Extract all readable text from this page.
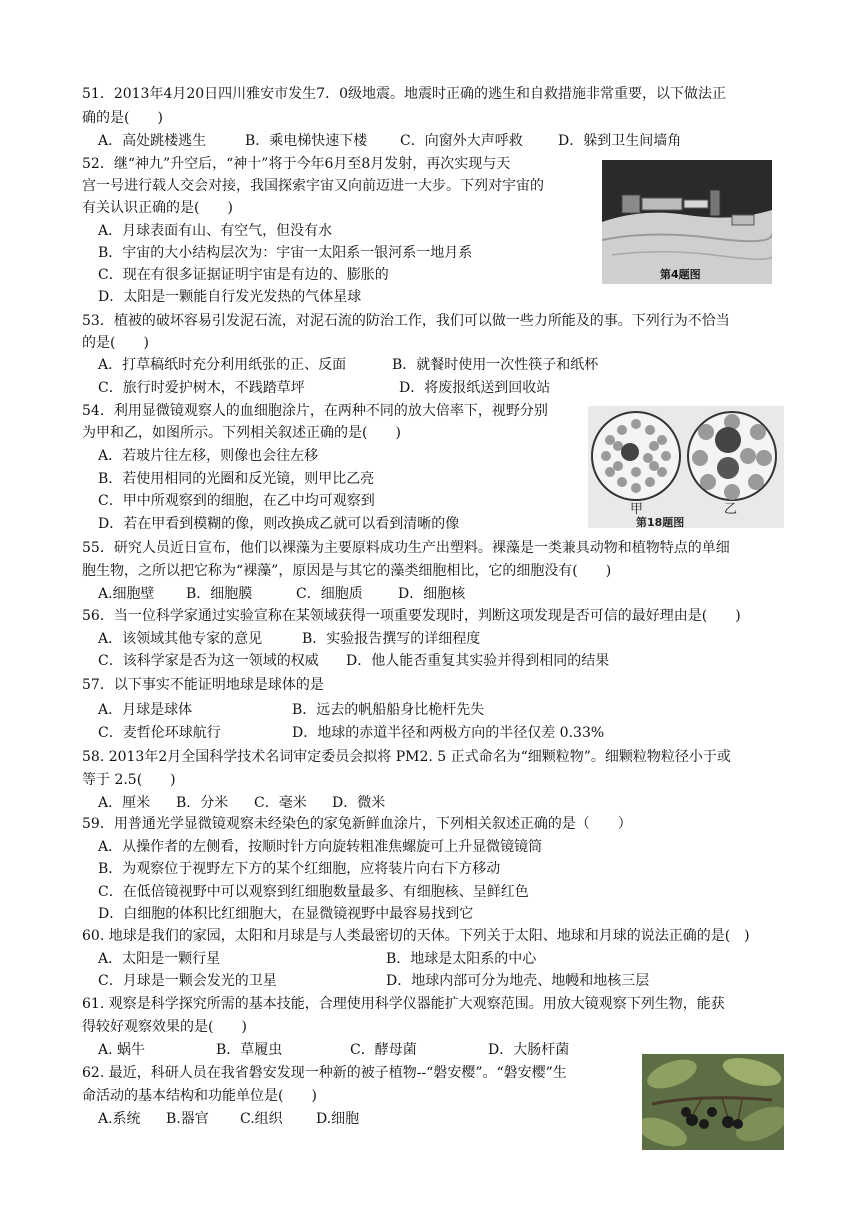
51．2013年4月20日四川雅安市发生7．0级地震。地震时正确的逃生和自救措施非常重要，以下做法正
确的是(　　)
A．高处跳楼逃生	B．乘电梯快速下楼 C．向窗外大声呼救	D．躲到卫生间墙角
52．继“神九”升空后，“神十”将于今年6月至8月发射，再次实现与天
宫一号进行载人交会对接，我国探索宇宙又向前迈进一大步。下列对宇宙的
有关认识正确的是(　　)
A．月球表面有山、有空气，但没有水
B．宇宙的大小结构层次为：宇宙一太阳系一银河系一地月系
C．现在有很多证据证明宇宙是有边的、膨胀的
D．太阳是一颗能自行发光发热的气体星球
第4题图
53．植被的破坏容易引发泥石流，对泥石流的防治工作，我们可以做一些力所能及的事。下列行为不恰当
的是(　　)
A．打草稿纸时充分利用纸张的正、反面	B．就餐时使用一次性筷子和纸杯
C．旅行时爱护树木，不践踏草坪	D．将废报纸送到回收站
54．利用显微镜观察人的血细胞涂片，在两种不同的放大倍率下，视野分别
为甲和乙，如图所示。下列相关叙述正确的是(　　)
A．若玻片往左移，则像也会往左移
B．若使用相同的光圈和反光镜，则甲比乙亮
C．甲中所观察到的细胞，在乙中均可观察到
D．若在甲看到模糊的像，则改换成乙就可以看到清晰的像
甲	乙
第18题图
55．研究人员近日宣布，他们以裸藻为主要原料成功生产出塑料。裸藻是一类兼具动物和植物特点的单细
胞生物，之所以把它称为“裸藻”，原因是与其它的藻类细胞相比，它的细胞没有(　　)
A.细胞壁 B．细胞膜	C．细胞质	D．细胞核
56．当一位科学家通过实验宣称在某领域获得一项重要发现时，判断这项发现是否可信的最好理由是(　　)
A．该领域其他专家的意见	B．实验报告撰写的详细程度
C．该科学家是否为这一领域的权威 D．他人能否重复其实验并得到相同的结果
57．以下事实不能证明地球是球体的是
A．月球是球体	B．远去的帆船船身比桅杆先失
C．麦哲伦环球航行	D．地球的赤道半径和两极方向的半径仅差 0.33%
58. 2013年2月全国科学技术名词审定委员会拟将 PM2. 5 正式命名为“细颗粒物”。细颗粒物粒径小于或
等于 2.5(　　)
A．厘米 B．分米 C．毫米 D．微米
59．用普通光学显微镜观察未经染色的家兔新鲜血涂片，下列相关叙述正确的是（　　）
A．从操作者的左侧看，按顺时针方向旋转粗准焦螺旋可上升显微镜镜筒
B．为观察位于视野左下方的某个红细胞，应将装片向右下方移动
C．在低倍镜视野中可以观察到红细胞数量最多、有细胞核、呈鲜红色
D．白细胞的体积比红细胞大，在显微镜视野中最容易找到它
60. 地球是我们的家园，太阳和月球是与人类最密切的天体。下列关于太阳、地球和月球的说法正确的是(　)
A．太阳是一颗行星	B．地球是太阳系的中心
C．月球是一颗会发光的卫星	D．地球内部可分为地壳、地幔和地核三层
61. 观察是科学探究所需的基本技能，合理使用科学仪器能扩大观察范围。用放大镜观察下列生物，能获
得较好观察效果的是(　　)
A. 蜗牛	B．草履虫	C．酵母菌	D．大肠杆菌
62. 最近，科研人员在我省磐安发现一种新的被子植物--“磐安樱”。“磐安樱”生
命活动的基本结构和功能单位是(　　)
A.系统 B.器官 C.组织 D.细胞
